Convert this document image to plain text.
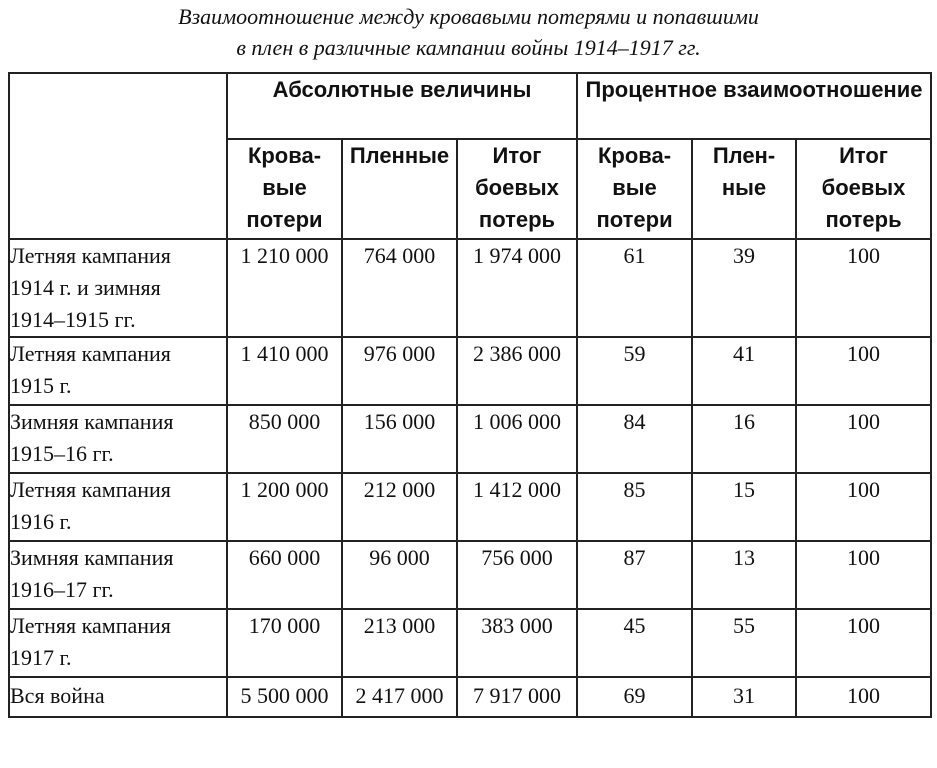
Взаимоотношение между кровавыми потерями и попавшими
в плен в различные кампании войны 1914–1917 гг.
	Абсолютные величины			Процентное взаимоотношение		
	Крова-
вые
потери	Пленные	Итог
боевых
потерь	Крова-
вые
потери	Плен-
ные	Итог
боевых
потерь
Летняя кампания
1914 г. и зимняя
1914–1915 гг.	1 210 000	764 000	1 974 000	61	39	100
Летняя кампания
1915 г.	1 410 000	976 000	2 386 000	59	41	100
Зимняя кампания
1915–16 гг.	850 000	156 000	1 006 000	84	16	100
Летняя кампания
1916 г.	1 200 000	212 000	1 412 000	85	15	100
Зимняя кампания
1916–17 гг.	660 000	96 000	756 000	87	13	100
Летняя кампания
1917 г.	170 000	213 000	383 000	45	55	100
Вся война	5 500 000	2 417 000	7 917 000	69	31	100
